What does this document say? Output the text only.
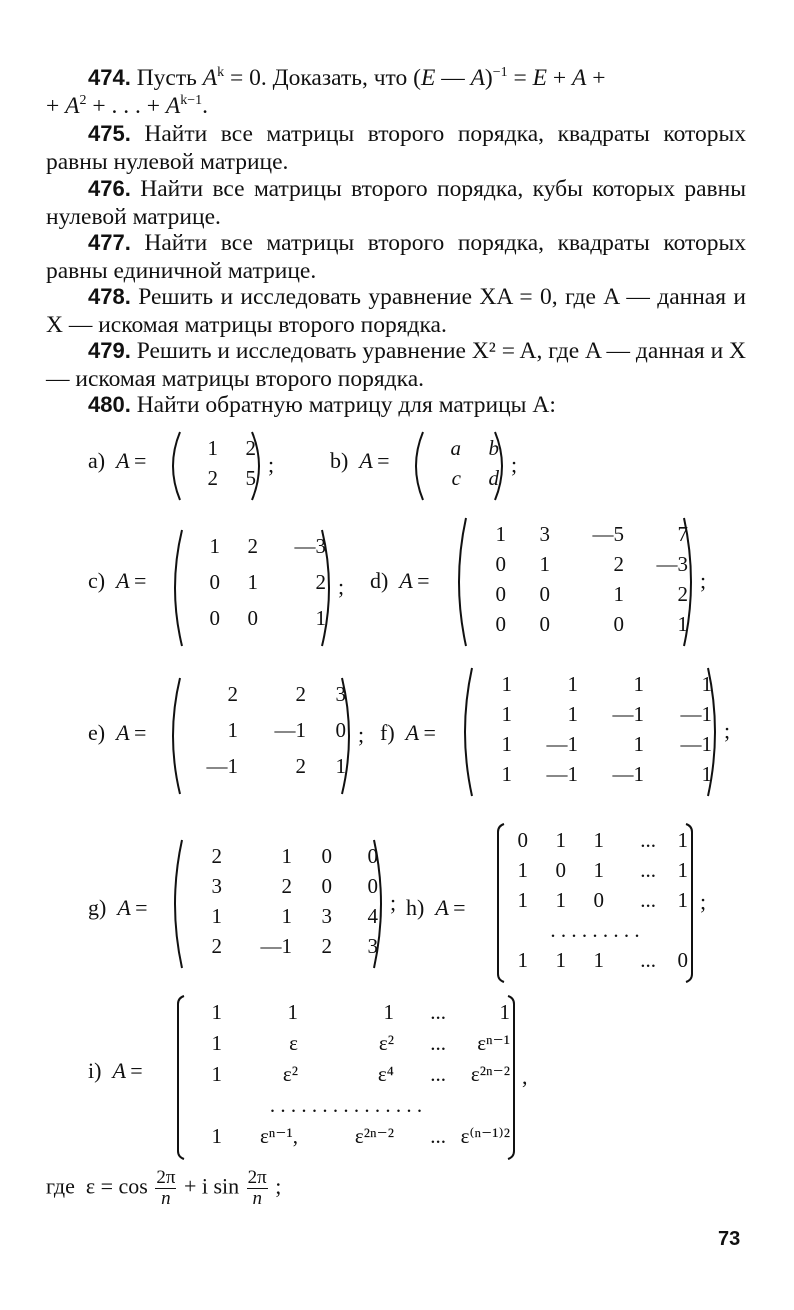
474. Пусть $A^k = 0$. Доказать, что (E — A)$^{-1}$ = E + A +
+ $A^2$ + . . . + $A^{k-1}$.
475. Найти все матрицы второго порядка, квадраты которых равны нулевой матрице.
476. Найти все матрицы второго порядка, кубы которых равны нулевой матрице.
477. Найти все матрицы второго порядка, квадраты которых равны единичной матрице.
478. Решить и исследовать уравнение XA = 0, где A — данная и X — искомая матрицы второго порядка.
479. Решить и исследовать уравнение X² = A, где A — данная и X — искомая матрицы второго порядка.
480. Найти обратную матрицу для матрицы A:
a) A =	1	2
2	5
;	b) A =	a	b
c	d
;
c) A =
1	2	—3
0	1	2
0	0	1
; d) A =
1	3	—5	7
0	1	2	—3
0	0	1	2
0	0	0	1
;
e) A =
2	2	3
1	—1	0
—1	2	1
; f) A =
1	1	1	1
1	1	—1	—1
1	—1	1	—1
1	—1	—1	1
;
g) A =
2	1	0	0
3	2	0	0
1	1	3	4
2	—1	2	3
; h) A =
0	1	1	...	1
1	0	1	...	1
1	1	0	...	1
. . . . . . . . .
1	1	1	...	0
;
i) A =
1	1	1	...	1
1	ε	ε²	...	εⁿ⁻¹
1	ε²	ε⁴	...	ε²ⁿ⁻²
. . . . . . . . . . . . . . .
1	εⁿ⁻¹,	ε²ⁿ⁻²	... ε⁽ⁿ⁻¹⁾²
,
где $\varepsilon = \cos \frac{2\pi}{n} + i$ $\sin \frac{2\pi}{n}$ ;
73
